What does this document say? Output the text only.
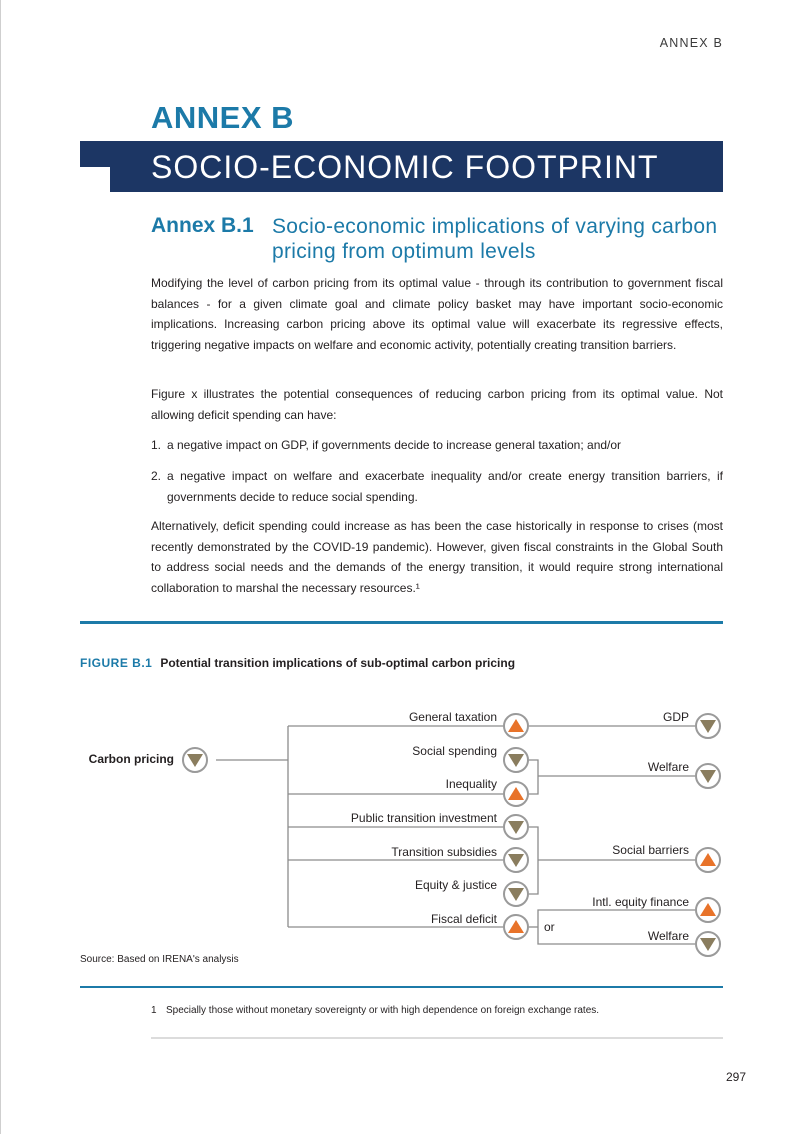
ANNEX B
ANNEX B
SOCIO-ECONOMIC FOOTPRINT
Annex B.1 Socio-economic implications of varying carbon pricing from optimum levels

Modifying the level of carbon pricing from its optimal value - through its contribution to government fiscal balances - for a given climate goal and climate policy basket may have important socio-economic implications. Increasing carbon pricing above its optimal value will exacerbate its regressive effects, triggering negative impacts on welfare and economic activity, potentially creating transition barriers.

Figure x illustrates the potential consequences of reducing carbon pricing from its optimal value. Not allowing deficit spending can have:

1. a negative impact on GDP, if governments decide to increase general taxation; and/or
2. a negative impact on welfare and exacerbate inequality and/or create energy transition barriers, if governments decide to reduce social spending.

Alternatively, deficit spending could increase as has been the case historically in response to crises (most recently demonstrated by the COVID-19 pandemic). However, given fiscal constraints in the Global South to address social needs and the demands of the energy transition, it would require strong international collaboration to marshal the necessary resources.¹

FIGURE B.1 Potential transition implications of sub-optimal carbon pricing
Carbon pricing
General taxation
Social spending
Inequality
Public transition investment
Transition subsidies
Equity & justice
Fiscal deficit
GDP
Welfare
Social barriers
Intl. equity finance
Welfare
or
Source: Based on IRENA's analysis
1 Specially those without monetary sovereignty or with high dependence on foreign exchange rates.
297
